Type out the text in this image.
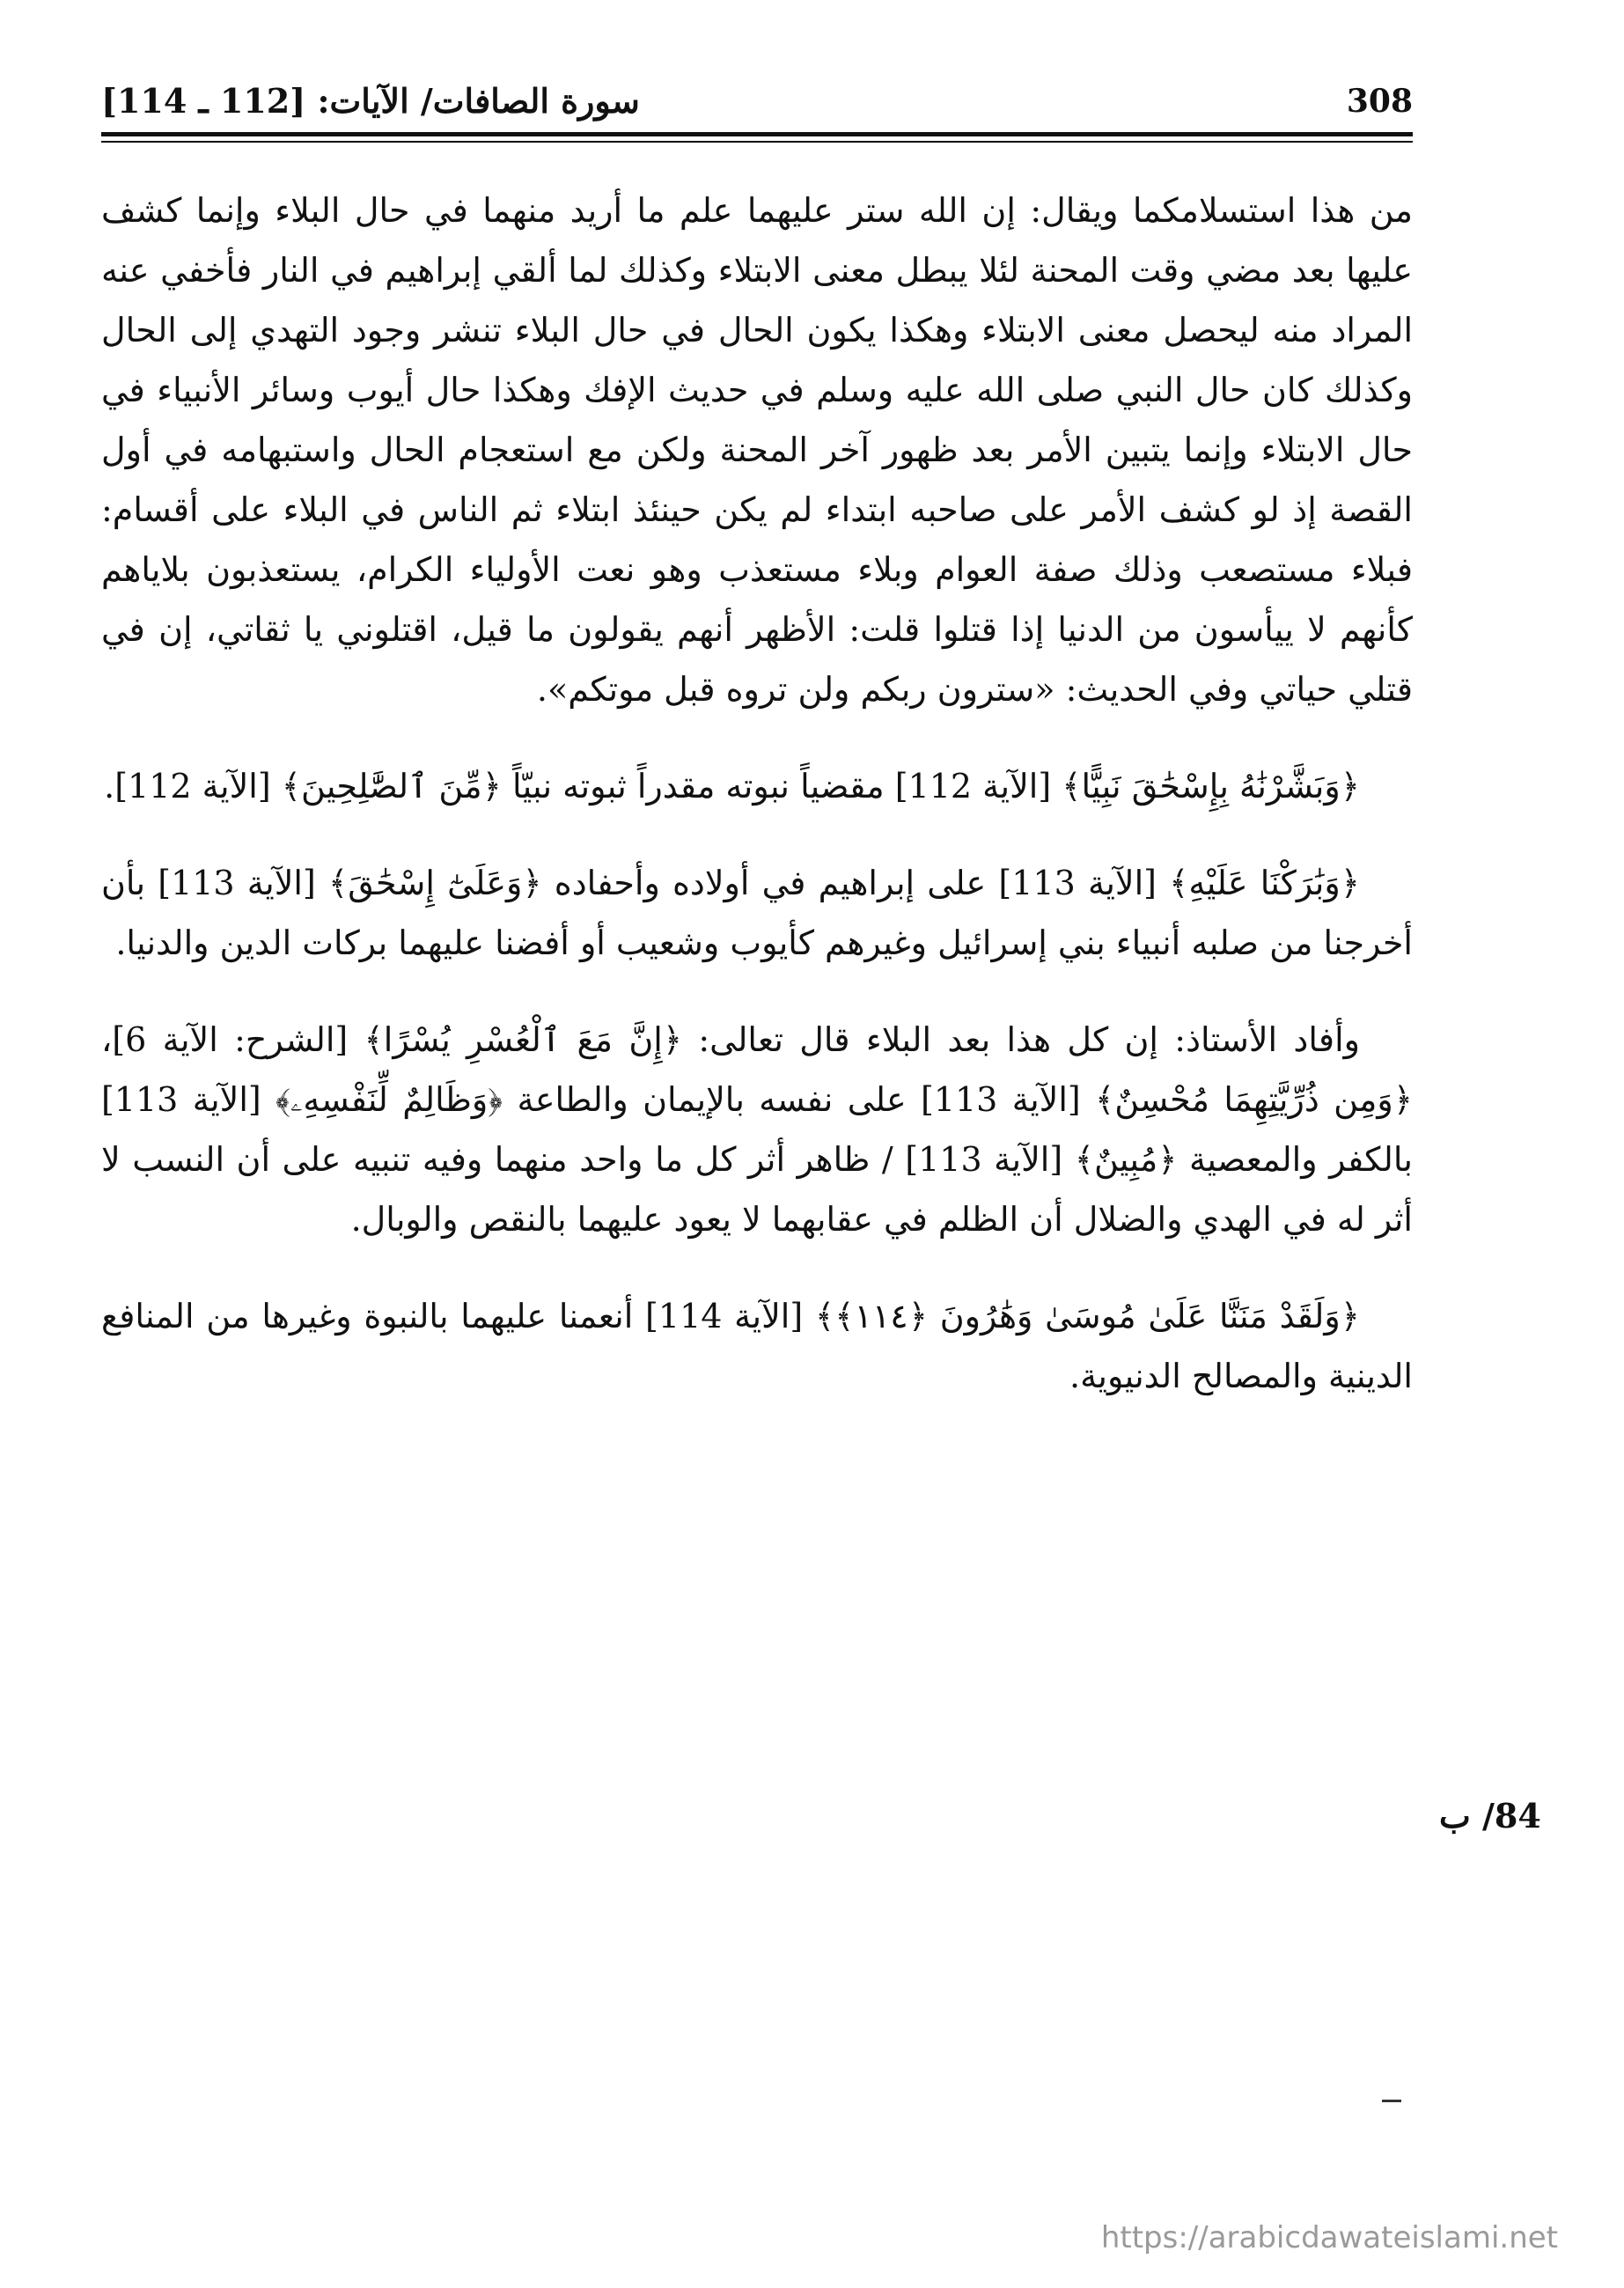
308
سورة الصافات/ الآيات: [112 ـ 114]

من هذا استسلامكما ويقال: إن الله ستر عليهما علم ما أريد منهما في حال البلاء وإنما كشف عليها بعد مضي وقت المحنة لئلا يبطل معنى الابتلاء وكذلك لما ألقي إبراهيم في النار فأخفي عنه المراد منه ليحصل معنى الابتلاء وهكذا يكون الحال في حال البلاء تنشر وجود التهدي إلى الحال وكذلك كان حال النبي صلى الله عليه وسلم في حديث الإفك وهكذا حال أيوب وسائر الأنبياء في حال الابتلاء وإنما يتبين الأمر بعد ظهور آخر المحنة ولكن مع استعجام الحال واستبهامه في أول القصة إذ لو كشف الأمر على صاحبه ابتداء لم يكن حينئذ ابتلاء ثم الناس في البلاء على أقسام: فبلاء مستصعب وذلك صفة العوام وبلاء مستعذب وهو نعت الأولياء الكرام، يستعذبون بلاياهم كأنهم لا ييأسون من الدنيا إذا قتلوا قلت: الأظهر أنهم يقولون ما قيل، اقتلوني يا ثقاتي، إن في قتلي حياتي وفي الحديث: «سترون ربكم ولن تروه قبل موتكم».

﴿وَبَشَّرْنَٰهُ بِإِسْحَٰقَ نَبِيًّا﴾ [الآية 112] مقضياً نبوته مقدراً ثبوته نبيّاً ﴿مِّنَ ٱلصَّٰلِحِينَ﴾ [الآية 112].

﴿وَبَٰرَكْنَا عَلَيْهِ﴾ [الآية 113] على إبراهيم في أولاده وأحفاده ﴿وَعَلَىٰٓ إِسْحَٰقَ﴾ [الآية 113] بأن أخرجنا من صلبه أنبياء بني إسرائيل وغيرهم كأيوب وشعيب أو أفضنا عليهما بركات الدين والدنيا.

وأفاد الأستاذ: إن كل هذا بعد البلاء قال تعالى: ﴿إِنَّ مَعَ ٱلْعُسْرِ يُسْرًا﴾ [الشرح: الآية 6]، ﴿وَمِن ذُرِّيَّتِهِمَا مُحْسِنٌ﴾ [الآية 113] على نفسه بالإيمان والطاعة ﴿وَظَالِمٌ لِّنَفْسِهِۦ﴾ [الآية 113] بالكفر والمعصية ﴿مُبِينٌ﴾ [الآية 113] / ظاهر أثر كل ما واحد منهما وفيه تنبيه على أن النسب لا أثر له في الهدي والضلال أن الظلم في عقابهما لا يعود عليهما بالنقص والوبال.

﴿وَلَقَدْ مَنَنَّا عَلَىٰ مُوسَىٰ وَهَٰرُونَ ﴿١١٤﴾﴾ [الآية 114] أنعمنا عليهما بالنبوة وغيرها من المنافع الدينية والمصالح الدنيوية.

84/ ب
https://arabicdawateislami.net
